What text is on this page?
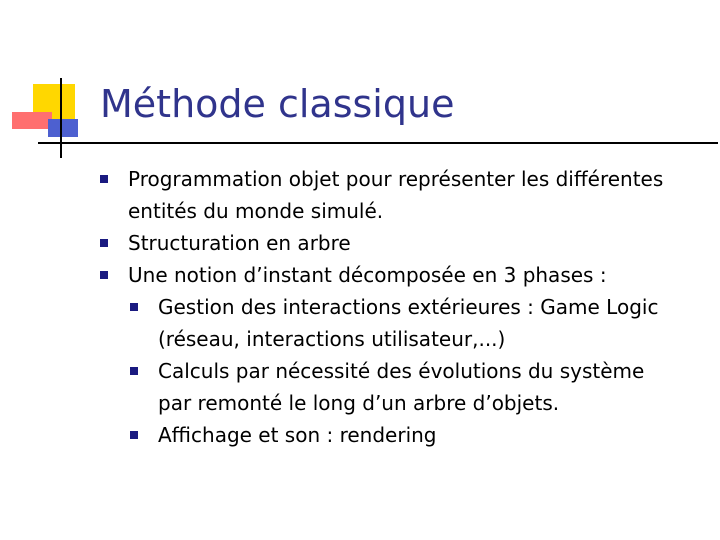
Méthode classique
Programmation objet pour représenter les différentes
entités du monde simulé.
Structuration en arbre
Une notion d’instant décomposée en 3 phases :
Gestion des interactions extérieures : Game Logic
(réseau, interactions utilisateur,...)
Calculs par nécessité des évolutions du système
par remonté le long d’un arbre d’objets.
Affichage et son : rendering
